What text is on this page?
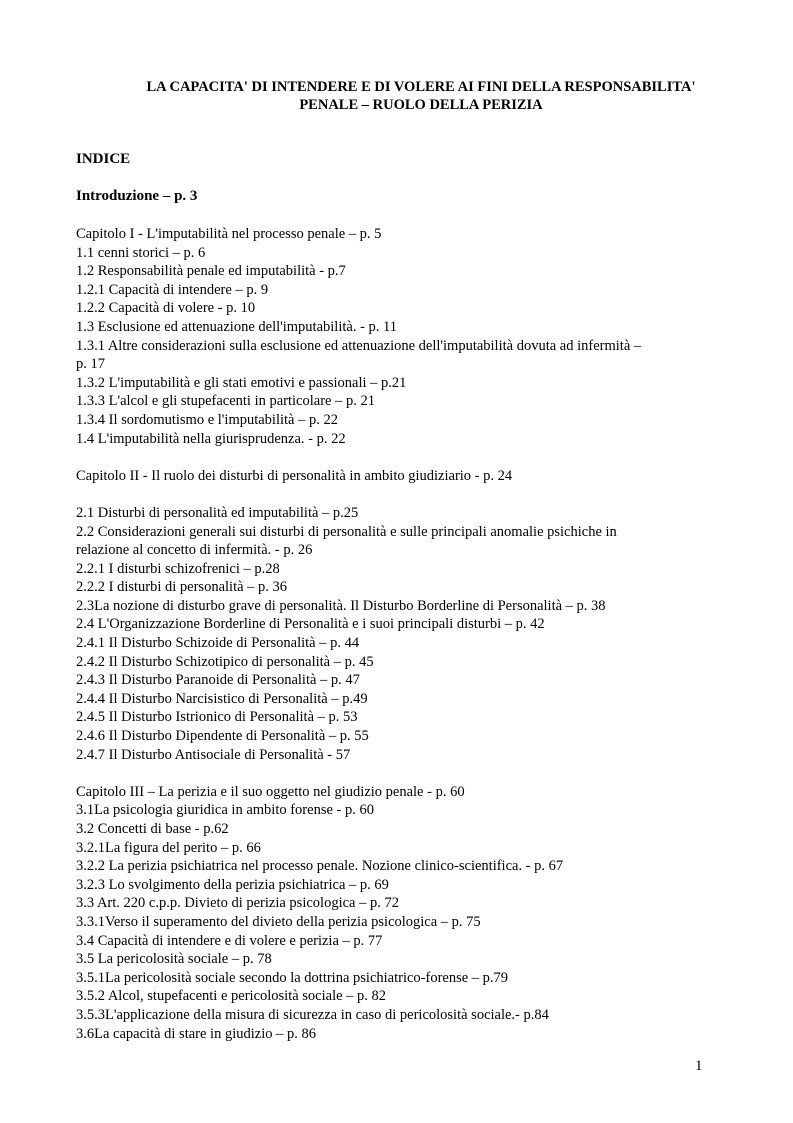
LA CAPACITA' DI INTENDERE E DI VOLERE AI FINI DELLA RESPONSABILITA'
PENALE – RUOLO DELLA PERIZIA
INDICE
Introduzione – p. 3
Capitolo I - L'imputabilità nel processo penale – p. 5
1.1 cenni storici – p. 6
1.2 Responsabilità penale ed imputabilità - p.7
1.2.1 Capacità di intendere – p. 9
1.2.2 Capacità di volere - p. 10
1.3 Esclusione ed attenuazione dell'imputabilità. - p. 11
1.3.1 Altre considerazioni sulla esclusione ed attenuazione dell'imputabilità dovuta ad infermità –
p. 17
1.3.2 L'imputabilità e gli stati emotivi e passionali – p.21
1.3.3 L'alcol e gli stupefacenti in particolare – p. 21
1.3.4 Il sordomutismo e l'imputabilità – p. 22
1.4 L'imputabilità nella giurisprudenza. - p. 22
Capitolo II - Il ruolo dei disturbi di personalità in ambito giudiziario - p. 24
2.1 Disturbi di personalità ed imputabilità – p.25
2.2 Considerazioni generali sui disturbi di personalità e sulle principali anomalie psichiche in
relazione al concetto di infermità. - p. 26
2.2.1 I disturbi schizofrenici – p.28
2.2.2 I disturbi di personalità – p. 36
2.3La nozione di disturbo grave di personalità. Il Disturbo Borderline di Personalità – p. 38
2.4 L'Organizzazione Borderline di Personalità e i suoi principali disturbi – p. 42
2.4.1 Il Disturbo Schizoide di Personalità – p. 44
2.4.2 Il Disturbo Schizotipico di personalità – p. 45
2.4.3 Il Disturbo Paranoide di Personalità – p. 47
2.4.4 Il Disturbo Narcisistico di Personalità – p.49
2.4.5 Il Disturbo Istrionico di Personalità – p. 53
2.4.6 Il Disturbo Dipendente di Personalità – p. 55
2.4.7 Il Disturbo Antisociale di Personalità - 57
Capitolo III – La perizia e il suo oggetto nel giudizio penale - p. 60
3.1La psicologia giuridica in ambito forense - p. 60
3.2 Concetti di base - p.62
3.2.1La figura del perito – p. 66
3.2.2 La perizia psichiatrica nel processo penale. Nozione clinico-scientifica. - p. 67
3.2.3 Lo svolgimento della perizia psichiatrica – p. 69
3.3 Art. 220 c.p.p. Divieto di perizia psicologica – p. 72
3.3.1Verso il superamento del divieto della perizia psicologica – p. 75
3.4 Capacità di intendere e di volere e perizia – p. 77
3.5 La pericolosità sociale – p. 78
3.5.1La pericolosità sociale secondo la dottrina psichiatrico-forense – p.79
3.5.2 Alcol, stupefacenti e pericolosità sociale – p. 82
3.5.3L'applicazione della misura di sicurezza in caso di pericolosità sociale.- p.84
3.6La capacità di stare in giudizio – p. 86
1
